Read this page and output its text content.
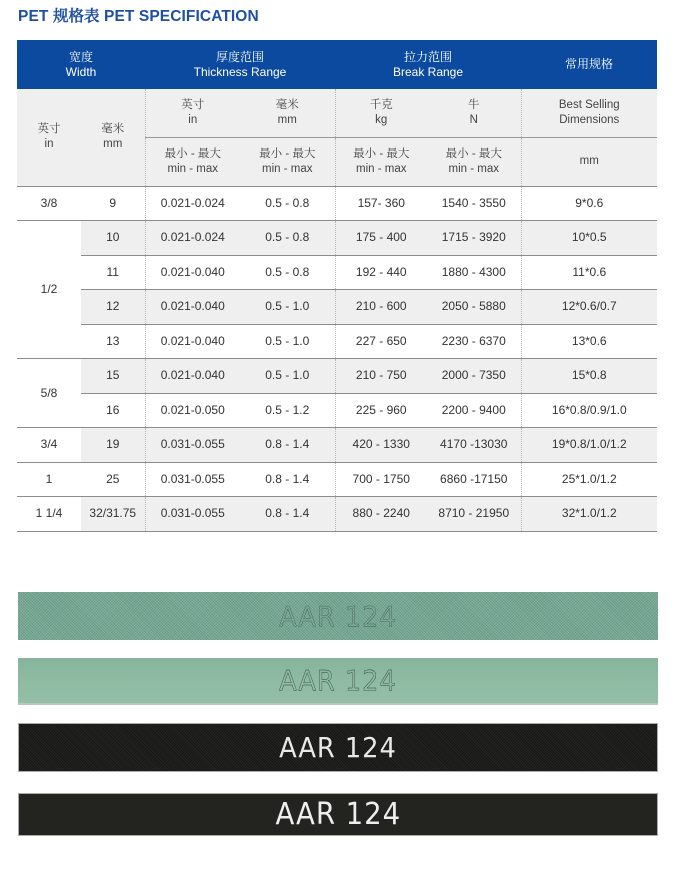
PET 规格表 PET SPECIFICATION
宽度
Width

厚度范围
Thickness Range

拉力范围
Break Range

常用规格

英寸
in

毫米
mm

英寸
in

毫米
mm

千克
kg

牛
N

Best Selling
Dimensions

最小 - 最大
min - max

最小 - 最大
min - max

最小 - 最大
min - max

最小 - 最大
min - max

mm

3/8	9	0.021-0.024	0.5 - 0.8	157- 360	1540 - 3550	9*0.6
1/2	10	0.021-0.024	0.5 - 0.8	175 - 400	1715 - 3920	10*0.5
	11	0.021-0.040	0.5 - 0.8	192 - 440	1880 - 4300	11*0.6
	12	0.021-0.040	0.5 - 1.0	210 - 600	2050 - 5880	12*0.6/0.7
	13	0.021-0.040	0.5 - 1.0	227 - 650	2230 - 6370	13*0.6
5/8	15	0.021-0.040	0.5 - 1.0	210 - 750	2000 - 7350	15*0.8
	16	0.021-0.050	0.5 - 1.2	225 - 960	2200 - 9400	16*0.8/0.9/1.0
3/4	19	0.031-0.055	0.8 - 1.4	420 - 1330	4170 -13030	19*0.8/1.0/1.2
1	25	0.031-0.055	0.8 - 1.4	700 - 1750	6860 -17150	25*1.0/1.2
1 1/4	32/31.75	0.031-0.055	0.8 - 1.4	880 - 2240	8710 - 21950	32*1.0/1.2
AAR 124
AAR 124
AAR 124
AAR 124
